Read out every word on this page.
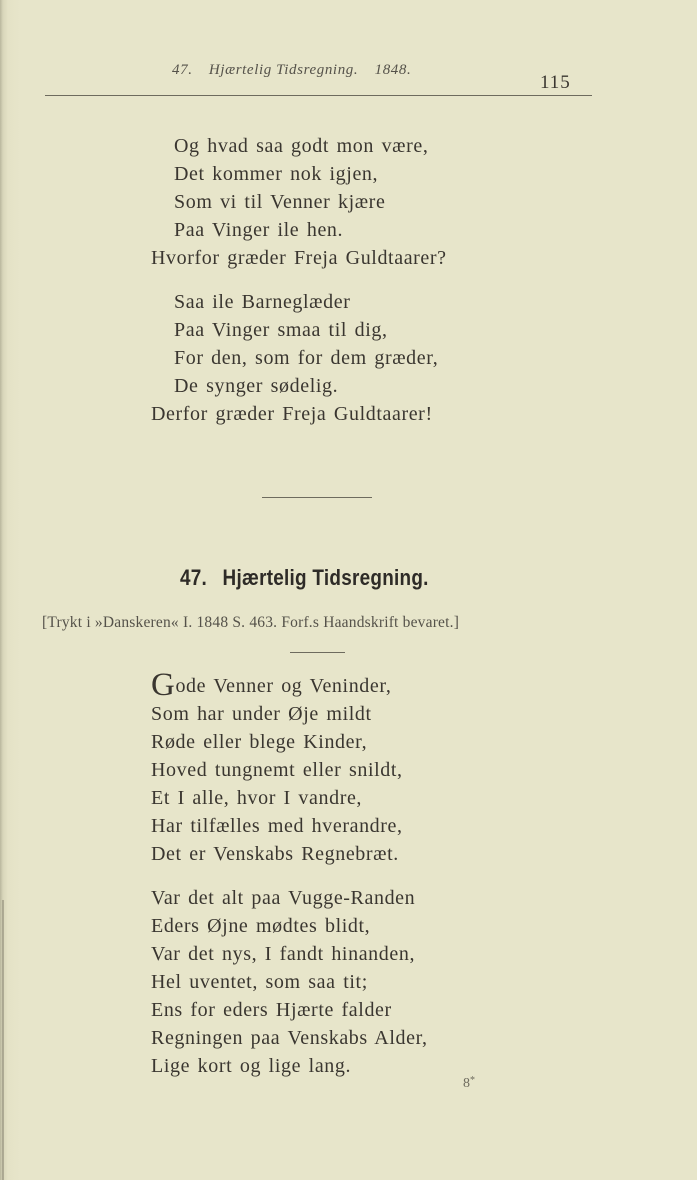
47. Hjærtelig Tidsregning. 1848.
115
Og hvad saa godt mon være,
Det kommer nok igjen,
Som vi til Venner kjære
Paa Vinger ile hen.
Hvorfor græder Freja Guldtaarer?
Saa ile Barneglæder
Paa Vinger smaa til dig,
For den, som for dem græder,
De synger sødelig.
Derfor græder Freja Guldtaarer!
47. Hjærtelig Tidsregning.
[Trykt i »Danskeren« I. 1848 S. 463. Forf.s Haandskrift bevaret.]
Gode Venner og Veninder,
Som har under Øje mildt
Røde eller blege Kinder,
Hoved tungnemt eller snildt,
Et I alle, hvor I vandre,
Har tilfælles med hverandre,
Det er Venskabs Regnebræt.
Var det alt paa Vugge-Randen
Eders Øjne mødtes blidt,
Var det nys, I fandt hinanden,
Hel uventet, som saa tit;
Ens for eders Hjærte falder
Regningen paa Venskabs Alder,
Lige kort og lige lang.
8*
